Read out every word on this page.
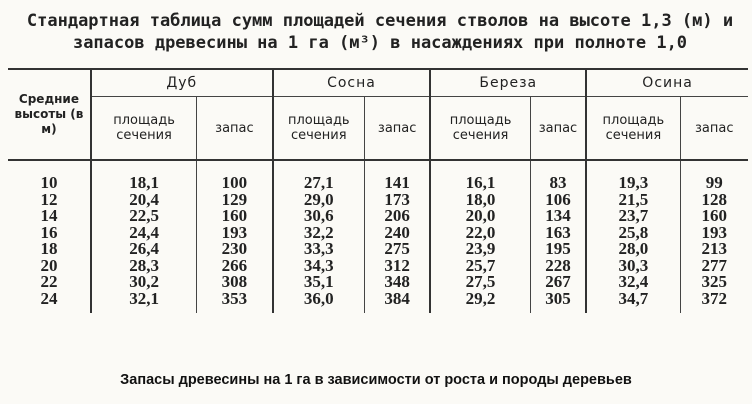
Стандартная таблица сумм площадей сечения стволов на высоте 1,3 (м) и
запасов древесины на 1 га (м³) в насаждениях при полноте 1,0
Средние высоты (в м)	Дуб		Сосна		Береза		Осина	
	площадь сечения	запас	площадь сечения	запас	площадь сечения	запас	площадь сечения	запас
10	18,1	100	27,1	141	16,1	83	19,3	99
12	20,4	129	29,0	173	18,0	106	21,5	128
14	22,5	160	30,6	206	20,0	134	23,7	160
16	24,4	193	32,2	240	22,0	163	25,8	193
18	26,4	230	33,3	275	23,9	195	28,0	213
20	28,3	266	34,3	312	25,7	228	30,3	277
22	30,2	308	35,1	348	27,5	267	32,4	325
24	32,1	353	36,0	384	29,2	305	34,7	372
Запасы древесины на 1 га в зависимости от роста и породы деревьев
